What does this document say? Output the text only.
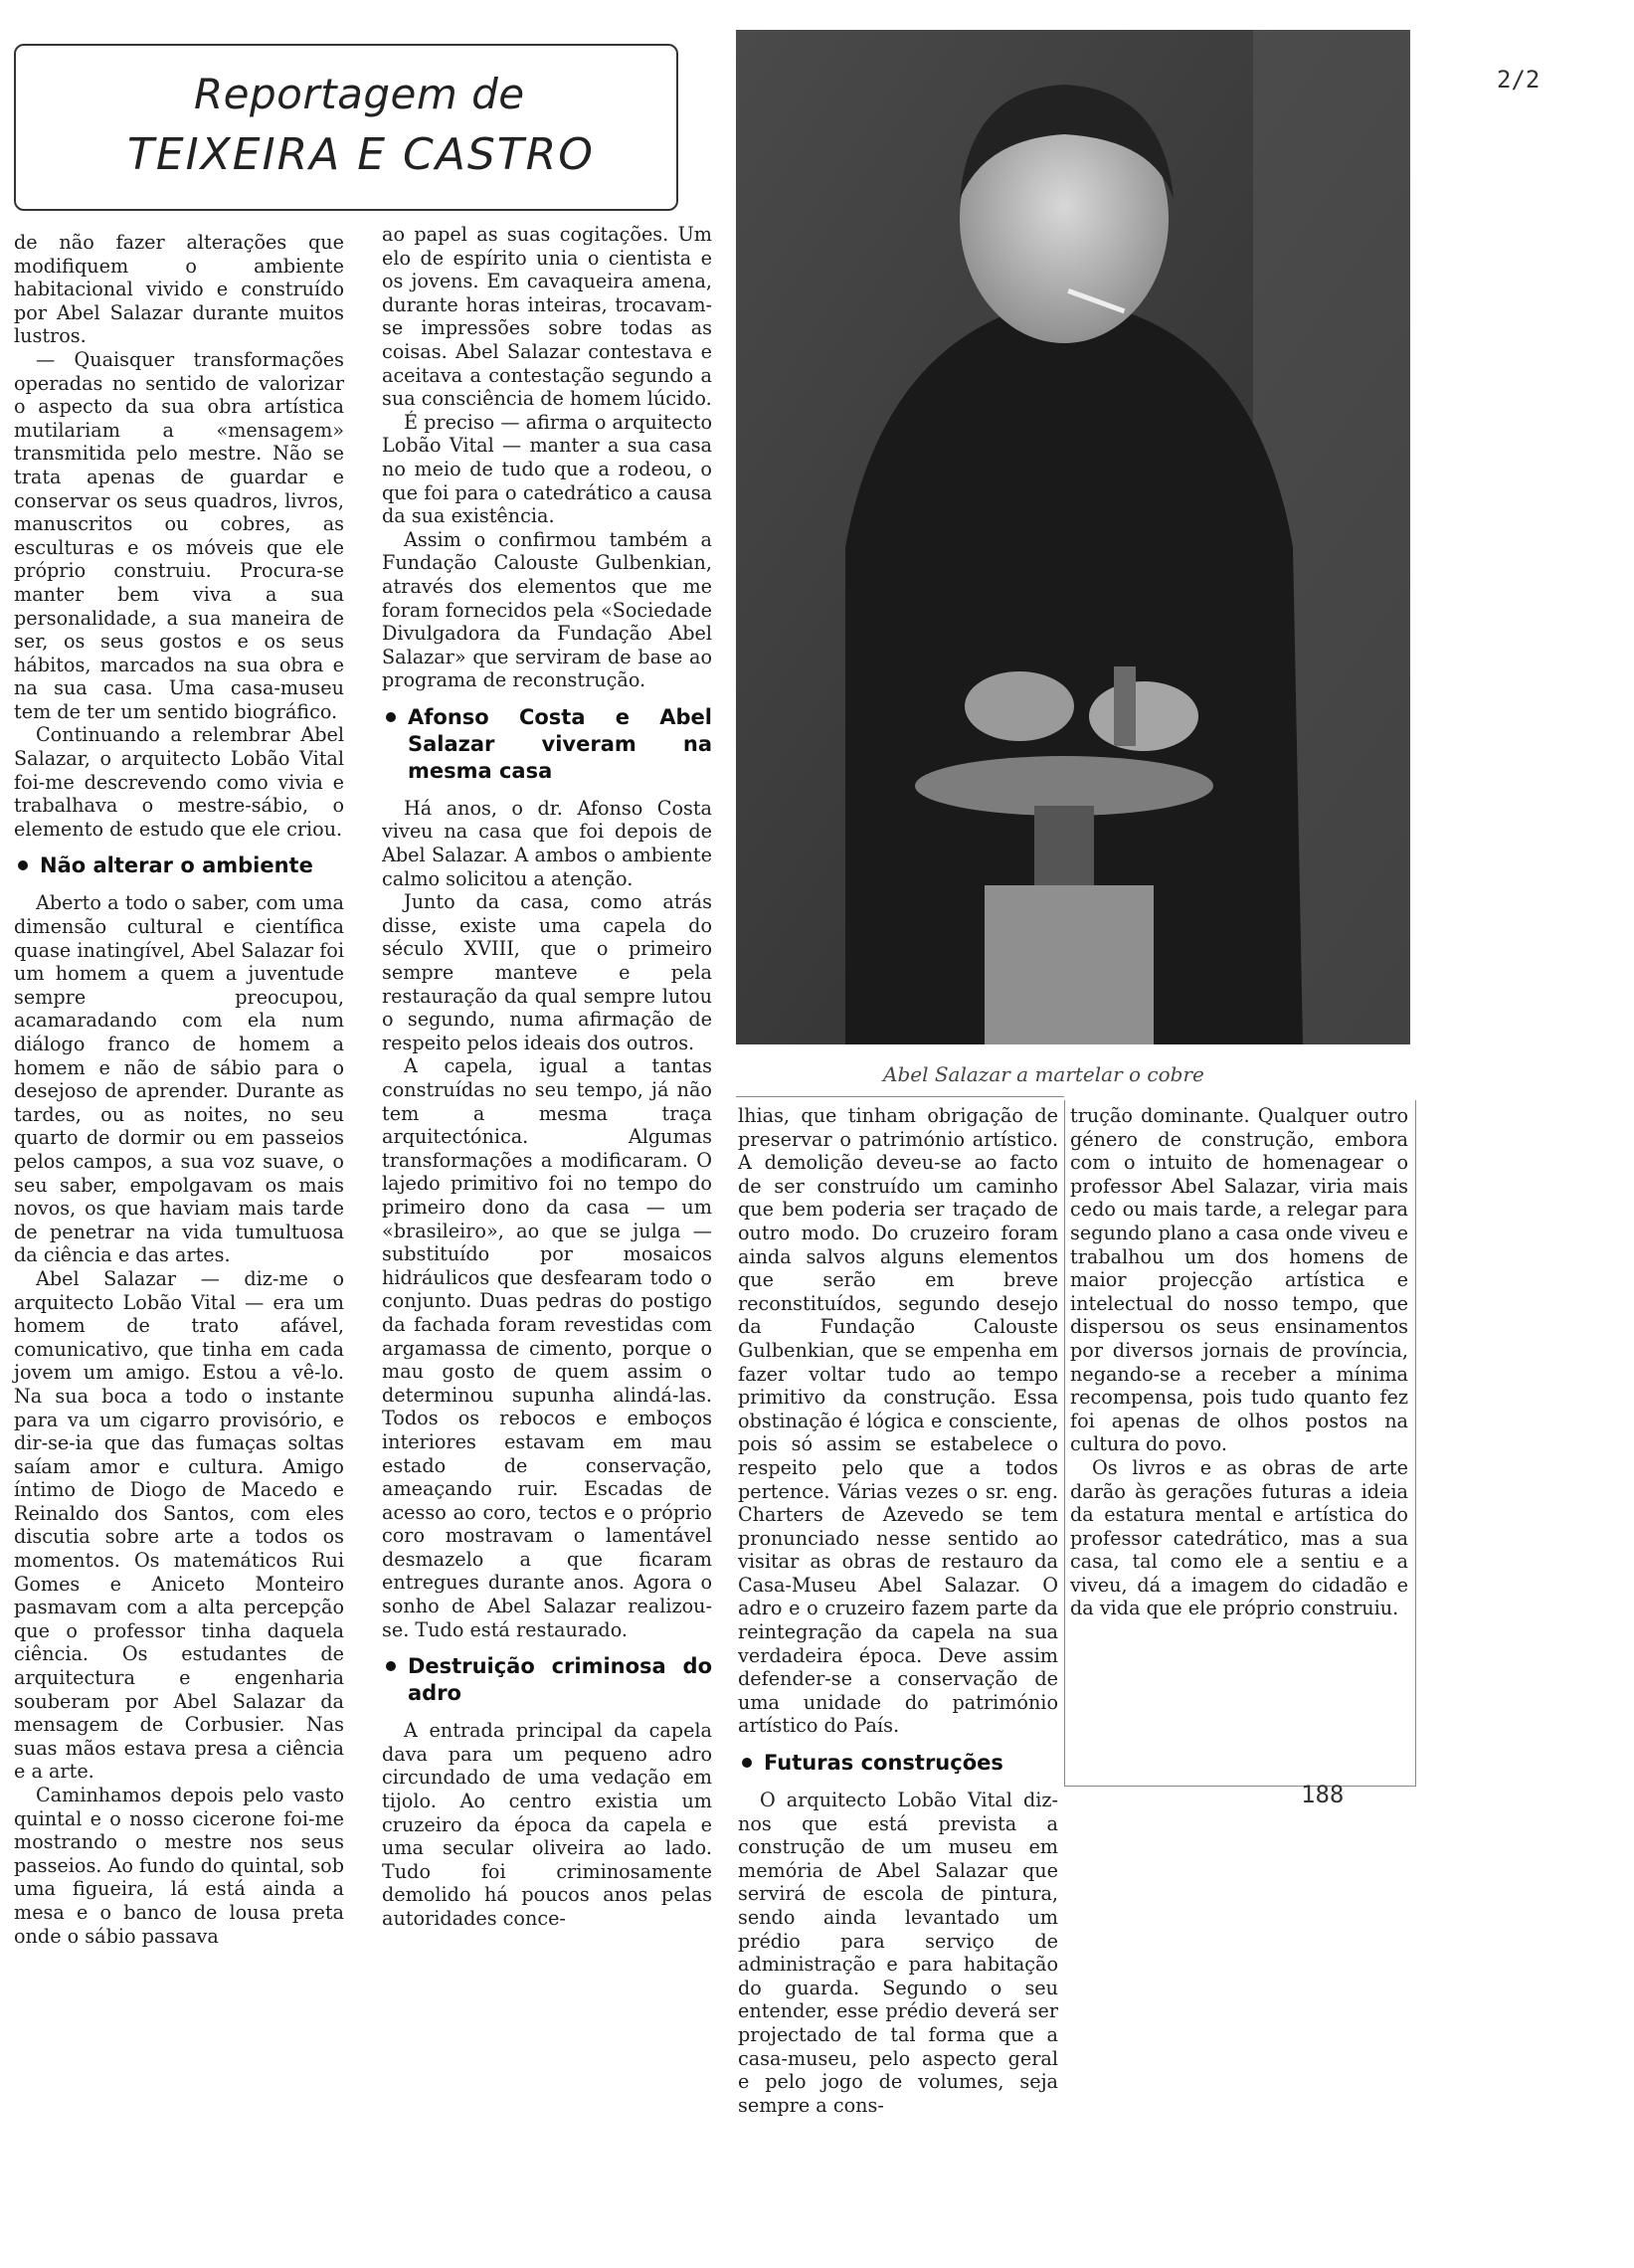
Reportagem de
TEIXEIRA E CASTRO
2/2

de não fazer alterações que modifiquem o ambiente habitacional vivido e construído por Abel Salazar durante muitos lustros.

— Quaisquer transformações operadas no sentido de valorizar o aspecto da sua obra artística mutilariam a «mensagem» transmitida pelo mestre. Não se trata apenas de guardar e conservar os seus quadros, livros, manuscritos ou cobres, as esculturas e os móveis que ele próprio construiu. Procura-se manter bem viva a sua personalidade, a sua maneira de ser, os seus gostos e os seus hábitos, marcados na sua obra e na sua casa. Uma casa-museu tem de ter um sentido biográfico.

Continuando a relembrar Abel Salazar, o arquitecto Lobão Vital foi-me descrevendo como vivia e trabalhava o mestre-sábio, o elemento de estudo que ele criou.

Não alterar o ambiente

Aberto a todo o saber, com uma dimensão cultural e científica quase inatingível, Abel Salazar foi um homem a quem a juventude sempre preocupou, acamaradando com ela num diálogo franco de homem a homem e não de sábio para o desejoso de aprender. Durante as tardes, ou as noites, no seu quarto de dormir ou em passeios pelos campos, a sua voz suave, o seu saber, empolgavam os mais novos, os que haviam mais tarde de penetrar na vida tumultuosa da ciência e das artes.

Abel Salazar — diz-me o arquitecto Lobão Vital — era um homem de trato afável, comunicativo, que tinha em cada jovem um amigo. Estou a vê-lo. Na sua boca a todo o instante para va um cigarro provisório, e dir-se-ia que das fumaças soltas saíam amor e cultura. Amigo íntimo de Diogo de Macedo e Reinaldo dos Santos, com eles discutia sobre arte a todos os momentos. Os matemáticos Rui Gomes e Aniceto Monteiro pasmavam com a alta percepção que o professor tinha daquela ciência. Os estudantes de arquitectura e engenharia souberam por Abel Salazar da mensagem de Corbusier. Nas suas mãos estava presa a ciência e a arte.

Caminhamos depois pelo vasto quintal e o nosso cicerone foi-me mostrando o mestre nos seus passeios. Ao fundo do quintal, sob uma figueira, lá está ainda a mesa e o banco de lousa preta onde o sábio passava

ao papel as suas cogitações. Um elo de espírito unia o cientista e os jovens. Em cavaqueira amena, durante horas inteiras, trocavam-se impressões sobre todas as coisas. Abel Salazar contestava e aceitava a contestação segundo a sua consciência de homem lúcido.

É preciso — afirma o arquitecto Lobão Vital — manter a sua casa no meio de tudo que a rodeou, o que foi para o catedrático a causa da sua existência.

Assim o confirmou também a Fundação Calouste Gulbenkian, através dos elementos que me foram fornecidos pela «Sociedade Divulgadora da Fundação Abel Salazar» que serviram de base ao programa de reconstrução.

Afonso Costa e Abel Salazar viveram na mesma casa

Há anos, o dr. Afonso Costa viveu na casa que foi depois de Abel Salazar. A ambos o ambiente calmo solicitou a atenção.

Junto da casa, como atrás disse, existe uma capela do século XVIII, que o primeiro sempre manteve e pela restauração da qual sempre lutou o segundo, numa afirmação de respeito pelos ideais dos outros.

A capela, igual a tantas construídas no seu tempo, já não tem a mesma traça arquitectónica. Algumas transformações a modificaram. O lajedo primitivo foi no tempo do primeiro dono da casa — um «brasileiro», ao que se julga — substituído por mosaicos hidráulicos que desfearam todo o conjunto. Duas pedras do postigo da fachada foram revestidas com argamassa de cimento, porque o mau gosto de quem assim o determinou supunha alindá-las. Todos os rebocos e emboços interiores estavam em mau estado de conservação, ameaçando ruir. Escadas de acesso ao coro, tectos e o próprio coro mostravam o lamentável desmazelo a que ficaram entregues durante anos. Agora o sonho de Abel Salazar realizou-se. Tudo está restaurado.

Destruição criminosa do adro

A entrada principal da capela dava para um pequeno adro circundado de uma vedação em tijolo. Ao centro existia um cruzeiro da época da capela e uma secular oliveira ao lado. Tudo foi criminosamente demolido há poucos anos pelas autoridades conce-

Abel Salazar a martelar o cobre

lhias, que tinham obrigação de preservar o património artístico. A demolição deveu-se ao facto de ser construído um caminho que bem poderia ser traçado de outro modo. Do cruzeiro foram ainda salvos alguns elementos que serão em breve reconstituídos, segundo desejo da Fundação Calouste Gulbenkian, que se empenha em fazer voltar tudo ao tempo primitivo da construção. Essa obstinação é lógica e consciente, pois só assim se estabelece o respeito pelo que a todos pertence. Várias vezes o sr. eng. Charters de Azevedo se tem pronunciado nesse sentido ao visitar as obras de restauro da Casa-Museu Abel Salazar. O adro e o cruzeiro fazem parte da reintegração da capela na sua verdadeira época. Deve assim defender-se a conservação de uma unidade do património artístico do País.

Futuras construções

O arquitecto Lobão Vital diz-nos que está prevista a construção de um museu em memória de Abel Salazar que servirá de escola de pintura, sendo ainda levantado um prédio para serviço de administração e para habitação do guarda. Segundo o seu entender, esse prédio deverá ser projectado de tal forma que a casa-museu, pelo aspecto geral e pelo jogo de volumes, seja sempre a cons-

trução dominante. Qualquer outro género de construção, embora com o intuito de homenagear o professor Abel Salazar, viria mais cedo ou mais tarde, a relegar para segundo plano a casa onde viveu e trabalhou um dos homens de maior projecção artística e intelectual do nosso tempo, que dispersou os seus ensinamentos por diversos jornais de província, negando-se a receber a mínima recompensa, pois tudo quanto fez foi apenas de olhos postos na cultura do povo.

Os livros e as obras de arte darão às gerações futuras a ideia da estatura mental e artística do professor catedrático, mas a sua casa, tal como ele a sentiu e a viveu, dá a imagem do cidadão e da vida que ele próprio construiu.

188
